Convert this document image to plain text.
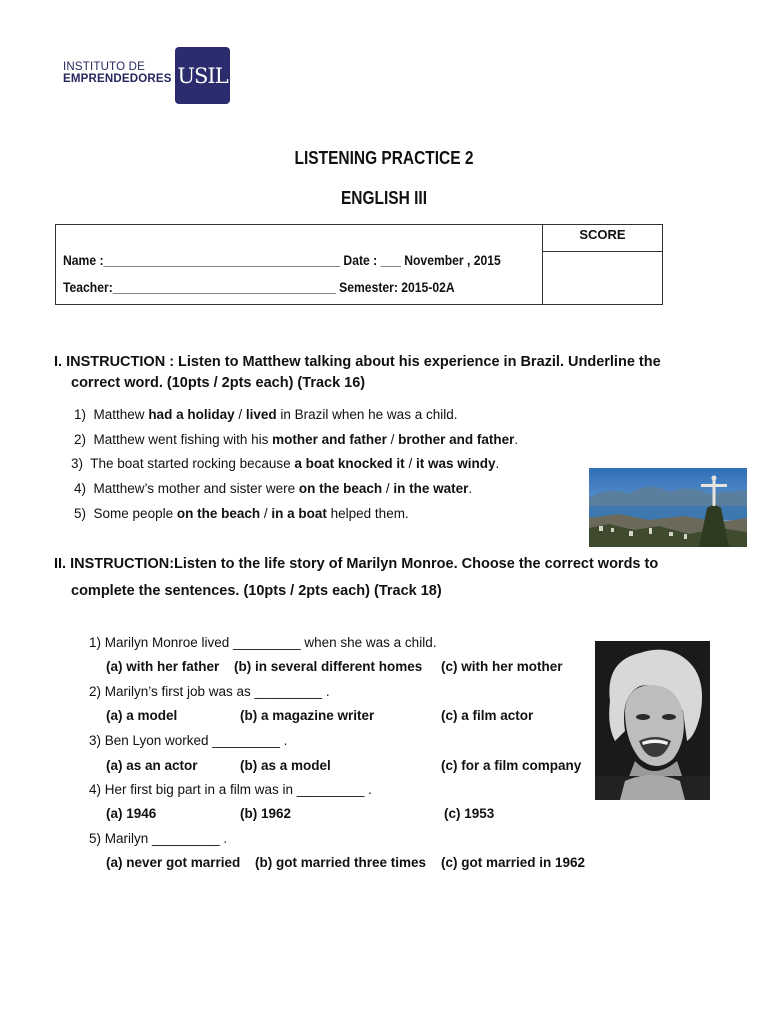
INSTITUTO DE
EMPRENDEDORES USIL
LISTENING PRACTICE 2
ENGLISH III
SCORE
Name :___________________________________ Date : ___ November , 2015
Teacher:_________________________________ Semester: 2015-02A
I. INSTRUCTION : Listen to Matthew talking about his experience in Brazil. Underline the
correct word. (10pts / 2pts each) (Track 16)
1) Matthew had a holiday / lived in Brazil when he was a child.
2) Matthew went fishing with his mother and father / brother and father.
3) The boat started rocking because a boat knocked it / it was windy.
4) Matthew’s mother and sister were on the beach / in the water.
5) Some people on the beach / in a boat helped them.
II. INSTRUCTION:Listen to the life story of Marilyn Monroe. Choose the correct words to
complete the sentences. (10pts / 2pts each) (Track 18)
1) Marilyn Monroe lived _________ when she was a child.
(a) with her father (b) in several different homes (c) with her mother
2) Marilyn’s first job was as _________ .
(a) a model	(b) a magazine writer	(c) a film actor
3) Ben Lyon worked _________ .
(a) as an actor	(b) as a model	(c) for a film company
4) Her first big part in a film was in _________ .
(a) 1946	(b) 1962	(c) 1953
5) Marilyn _________ .
(a) never got married (b) got married three times (c) got married in 1962
